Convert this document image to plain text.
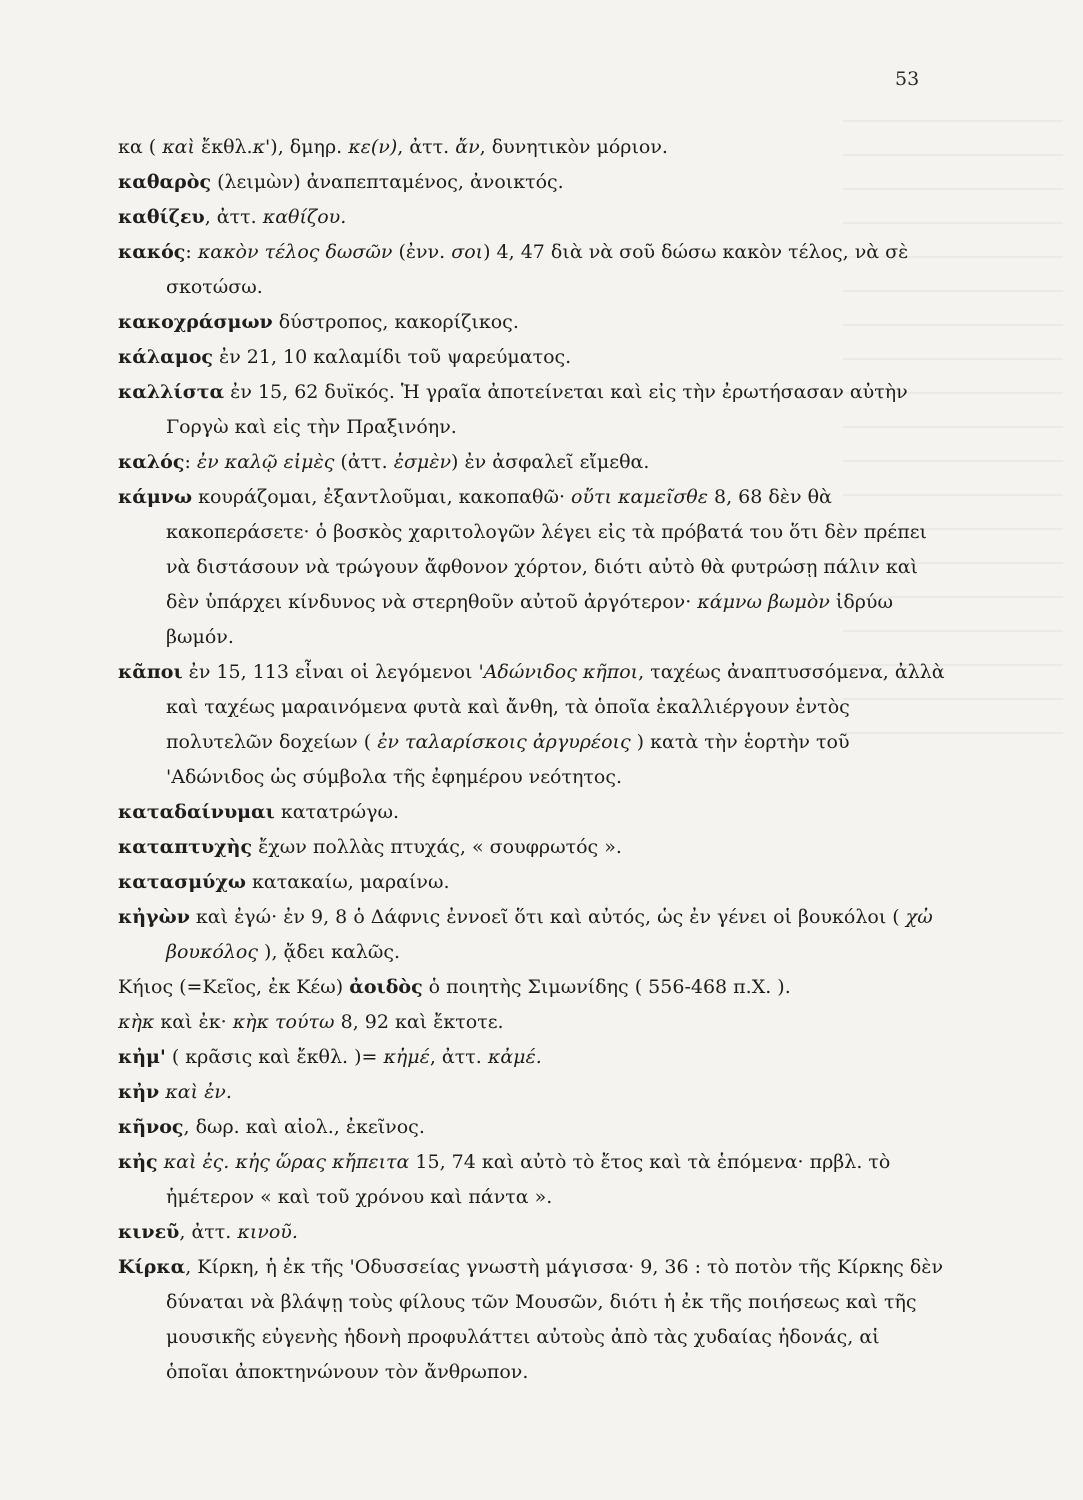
53

κα ( καὶ ἔκθλ.κ'), δμηρ. κε(ν), ἀττ. ἄν, δυνητικὸν μόριον.

καθαρὸς (λειμὼν) ἀναπεπταμένος, ἀνοικτός.

καθίζευ, ἀττ. καθίζου.

κακός: κακὸν τέλος δωσῶν (ἐνν. σοι) 4, 47 διὰ νὰ σοῦ δώσω κακὸν τέλος, νὰ σὲ σκοτώσω.

κακοχράσμων δύστροπος, κακορίζικος.

κάλαμος ἐν 21, 10 καλαμίδι τοῦ ψαρεύματος.

καλλίστα ἐν 15, 62 δυϊκός. Ἡ γραῖα ἀποτείνεται καὶ εἰς τὴν ἐρωτήσασαν αὐτὴν Γοργὼ καὶ εἰς τὴν Πραξινόην.

καλός: ἐν καλῷ εἰμὲς (ἀττ. ἐσμὲν) ἐν ἀσφαλεῖ εἴμεθα.

κάμνω κουράζομαι, ἐξαντλοῦμαι, κακοπαθῶ· οὔτι καμεῖσθε 8, 68 δὲν θὰ κακοπεράσετε· ὁ βοσκὸς χαριτολογῶν λέγει εἰς τὰ πρόβατά του ὅτι δὲν πρέπει νὰ διστάσουν νὰ τρώγουν ἄφθονον χόρτον, διότι αὐτὸ θὰ φυτρώσῃ πάλιν καὶ δὲν ὑπάρχει κίνδυνος νὰ στερηθοῦν αὐτοῦ ἀργότερον· κάμνω βωμὸν ἱδρύω βωμόν.

κᾶποι ἐν 15, 113 εἶναι οἱ λεγόμενοι 'Αδώνιδος κῆποι, ταχέως ἀναπτυσσόμενα, ἀλλὰ καὶ ταχέως μαραινόμενα φυτὰ καὶ ἄνθη, τὰ ὁποῖα ἐκαλλιέργουν ἐντὸς πολυτελῶν δοχείων ( ἐν ταλαρίσκοις ἀργυρέοις ) κατὰ τὴν ἑορτὴν τοῦ 'Αδώνιδος ὡς σύμβολα τῆς ἐφημέρου νεότητος.

καταδαίνυμαι κατατρώγω.

καταπτυχὴς ἔχων πολλὰς πτυχάς, « σουφρωτός ».

κατασμύχω κατακαίω, μαραίνω.

κἠγὼν καὶ ἐγώ· ἐν 9, 8 ὁ Δάφνις ἐννοεῖ ὅτι καὶ αὐτός, ὡς ἐν γένει οἱ βουκόλοι ( χὠ βουκόλος ), ᾄδει καλῶς.

Κήιος (=Κεῖος, ἐκ Κέω) ἀοιδὸς ὁ ποιητὴς Σιμωνίδης ( 556-468 π.Χ. ).

κὴκ καὶ ἐκ· κὴκ τούτω 8, 92 καὶ ἔκτοτε.

κἠμ' ( κρᾶσις καὶ ἔκθλ. )= κἠμέ, ἀττ. κἀμέ.

κἠν καὶ ἐν.

κῆνος, δωρ. καὶ αἰολ., ἐκεῖνος.

κἠς καὶ ἐς. κἠς ὥρας κἤπειτα 15, 74 καὶ αὐτὸ τὸ ἔτος καὶ τὰ ἑπόμενα· πρβλ. τὸ ἡμέτερον « καὶ τοῦ χρόνου καὶ πάντα ».

κινεῦ, ἀττ. κινοῦ.

Κίρκα, Κίρκη, ἡ ἐκ τῆς 'Οδυσσείας γνωστὴ μάγισσα· 9, 36 : τὸ ποτὸν τῆς Κίρκης δὲν δύναται νὰ βλάψῃ τοὺς φίλους τῶν Μουσῶν, διότι ἡ ἐκ τῆς ποιήσεως καὶ τῆς μουσικῆς εὐγενὴς ἡδονὴ προφυλάττει αὐτοὺς ἀπὸ τὰς χυδαίας ἡδονάς, αἱ ὁποῖαι ἀποκτηνώνουν τὸν ἄνθρωπον.
